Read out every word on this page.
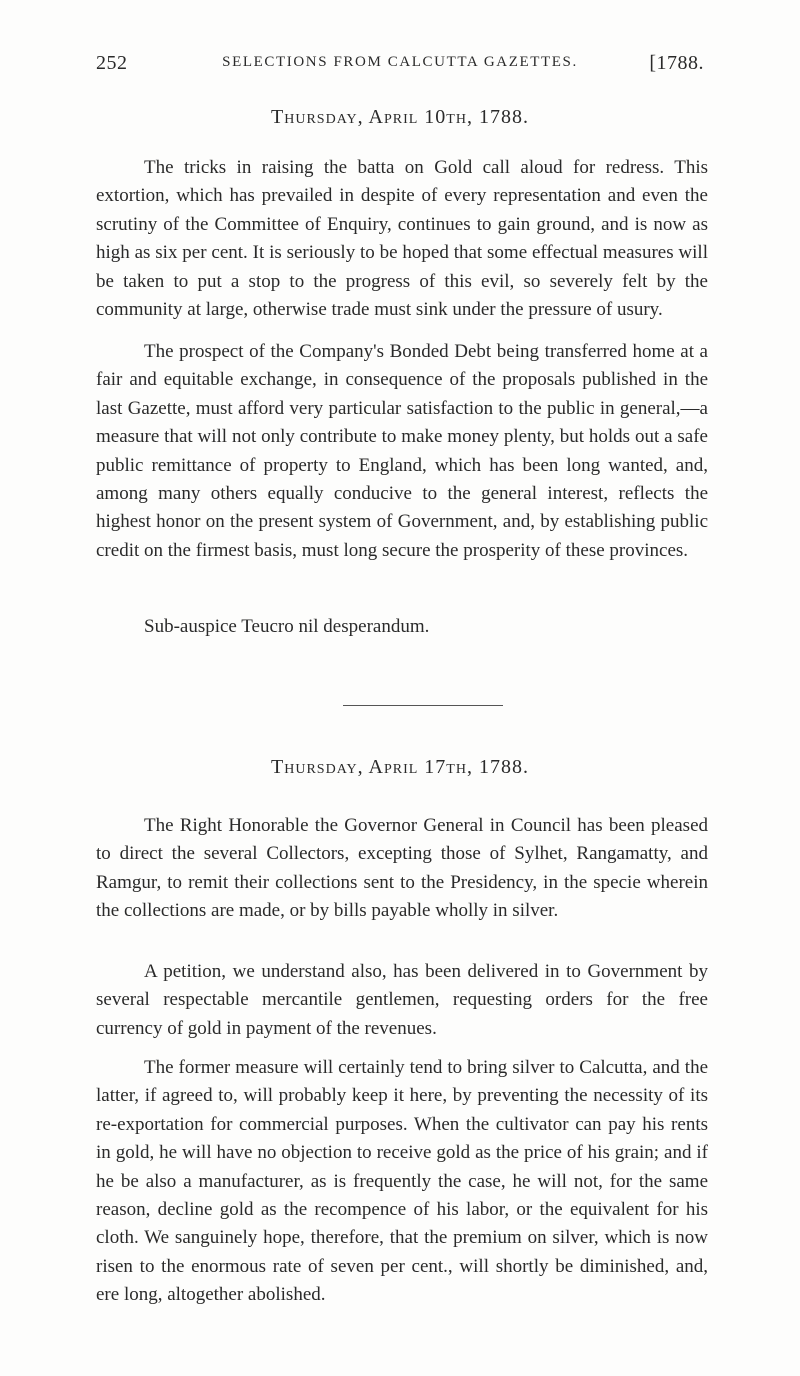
252	SELECTIONS FROM CALCUTTA GAZETTES.	[1788.
Thursday, April 10th, 1788.

The tricks in raising the batta on Gold call aloud for redress. This extortion, which has prevailed in despite of every representation and even the scrutiny of the Committee of Enquiry, continues to gain ground, and is now as high as six per cent. It is seriously to be hoped that some effectual measures will be taken to put a stop to the progress of this evil, so severely felt by the community at large, otherwise trade must sink under the pressure of usury.

The prospect of the Company's Bonded Debt being transferred home at a fair and equitable exchange, in consequence of the proposals published in the last Gazette, must afford very particular satisfaction to the public in general,—a measure that will not only contribute to make money plenty, but holds out a safe public remittance of property to England, which has been long wanted, and, among many others equally conducive to the general interest, reflects the highest honor on the present system of Government, and, by establishing public credit on the firmest basis, must long secure the prosperity of these provinces.

Sub-auspice Teucro nil desperandum.

Thursday, April 17th, 1788.

The Right Honorable the Governor General in Council has been pleased to direct the several Collectors, excepting those of Sylhet, Rangamatty, and Ramgur, to remit their collections sent to the Presidency, in the specie wherein the collections are made, or by bills payable wholly in silver.

A petition, we understand also, has been delivered in to Government by several respectable mercantile gentlemen, requesting orders for the free currency of gold in payment of the revenues.

The former measure will certainly tend to bring silver to Calcutta, and the latter, if agreed to, will probably keep it here, by preventing the necessity of its re-exportation for commercial purposes. When the cultivator can pay his rents in gold, he will have no objection to receive gold as the price of his grain; and if he be also a manufacturer, as is frequently the case, he will not, for the same reason, decline gold as the recompence of his labor, or the equivalent for his cloth. We sanguinely hope, therefore, that the premium on silver, which is now risen to the enormous rate of seven per cent., will shortly be diminished, and, ere long, altogether abolished.
